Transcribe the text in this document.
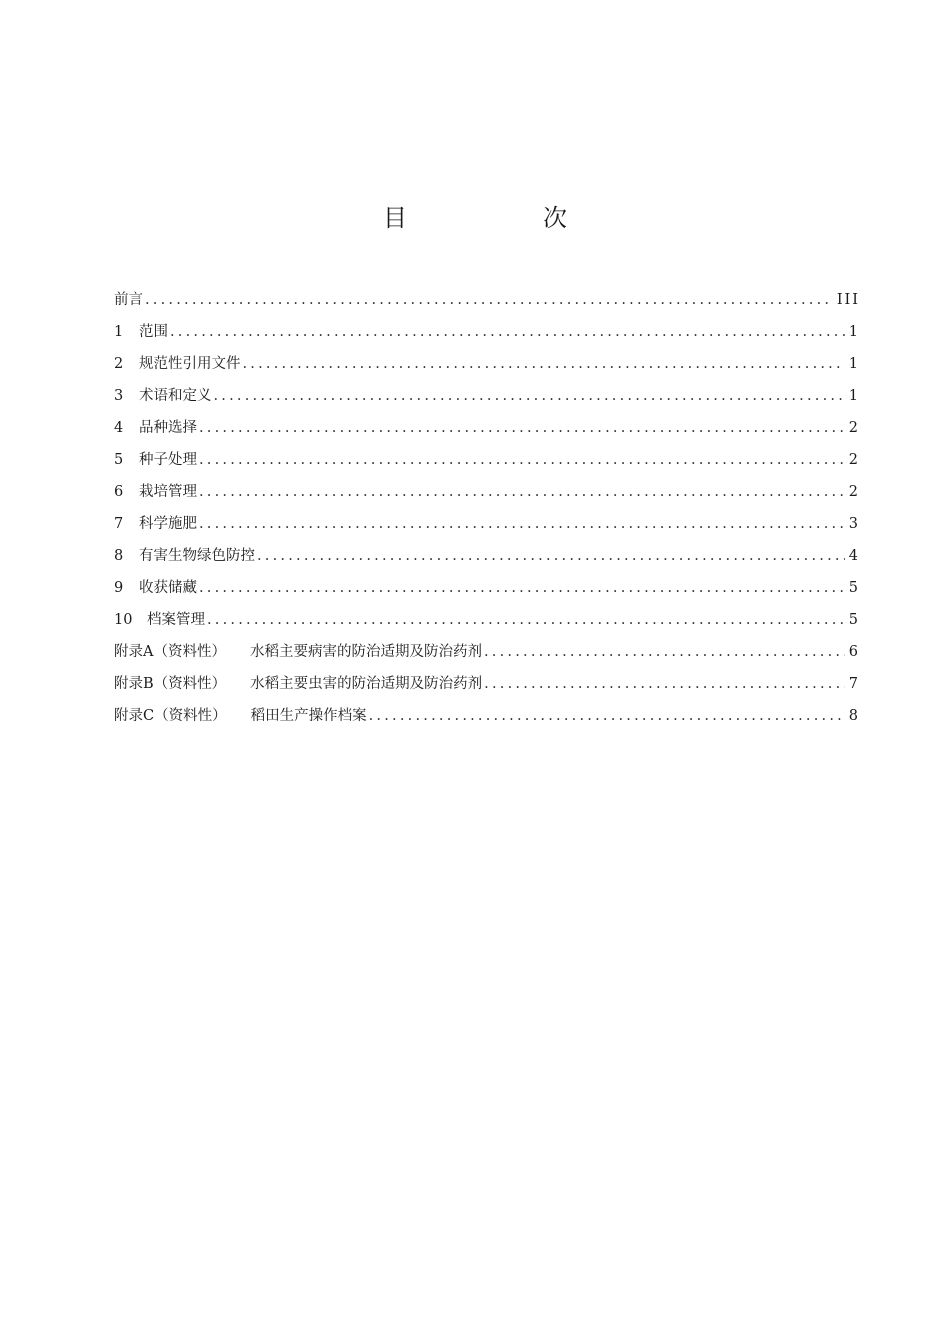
目　次
前言 .....	III
1	范围 .....	1
2	规范性引用文件 .....	1
3	术语和定义 .....	1
4	品种选择 .....	2
5	种子处理 .....	2
6	栽培管理 .....	2
7	科学施肥 .....	3
8	有害生物绿色防控 .....	4
9	收获储藏 .....	5
10	档案管理 .....	5
附录A（资料性） 水稻主要病害的防治适期及防治药剂 .....	6
附录B（资料性） 水稻主要虫害的防治适期及防治药剂 .....	7
附录C（资料性） 稻田生产操作档案 .....	8
